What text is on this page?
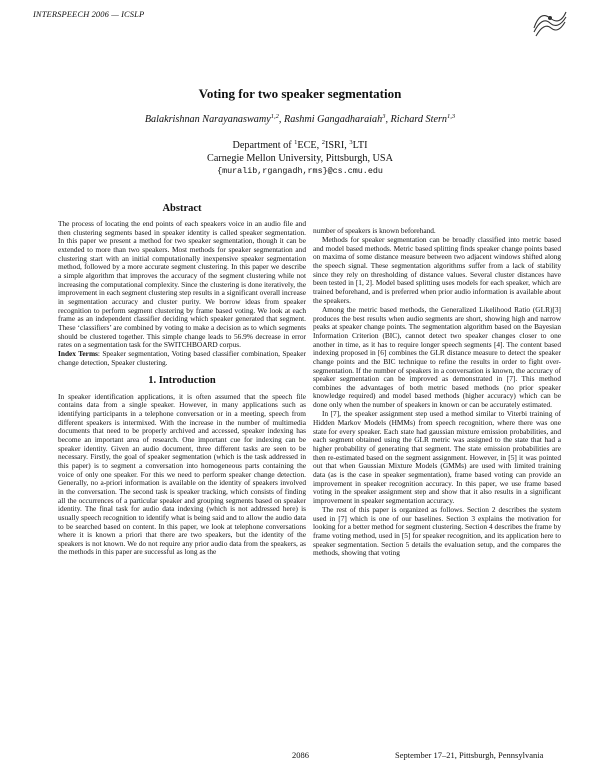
INTERSPEECH 2006 — ICSLP
Voting for two speaker segmentation
Balakrishnan Narayanaswamy$^{1,2}$, Rashmi Gangadharaiah$^3$, Richard Stern$^{1,3}$
Department of $^1$ECE, $^2$ISRI, $^3$LTI
Carnegie Mellon University, Pittsburgh, USA
{muralib,rgangadh,rms}@cs.cmu.edu
Abstract

The process of locating the end points of each speakers voice in an audio file and then clustering segments based in speaker identity is called speaker segmentation. In this paper we present a method for two speaker segmentation, though it can be extended to more than two speakers. Most methods for speaker segmentation and clustering start with an initial computationally inexpensive speaker segmentation method, followed by a more accurate segment clustering. In this paper we describe a simple algorithm that improves the accuracy of the segment clustering while not increasing the computational complexity. Since the clustering is done iteratively, the improvement in each segment clustering step results in a significant overall increase in segmentation accuracy and cluster purity. We borrow ideas from speaker recognition to perform segment clustering by frame based voting. We look at each frame as an independent classifier deciding which speaker generated that segment. These ‘classifiers’ are combined by voting to make a decision as to which segments should be clustered together. This simple change leads to 56.9% decrease in error rates on a segmentation task for the SWITCHBOARD corpus.

Index Terms: Speaker segmentation, Voting based classifier combination, Speaker change detection, Speaker clustering.

1. Introduction

In speaker identification applications, it is often assumed that the speech file contains data from a single speaker. However, in many applications such as identifying participants in a telephone conversation or in a meeting, speech from different speakers is intermixed. With the increase in the number of multimedia documents that need to be properly archived and accessed, speaker indexing has become an important area of research. One important cue for indexing can be speaker identity. Given an audio document, three different tasks are seen to be necessary. Firstly, the goal of speaker segmentation (which is the task addressed in this paper) is to segment a conversation into homogeneous parts containing the voice of only one speaker. For this we need to perform speaker change detection. Generally, no a-priori information is available on the identity of speakers involved in the conversation. The second task is speaker tracking, which consists of finding all the occurrences of a particular speaker and grouping segments based on speaker identity. The final task for audio data indexing (which is not addressed here) is usually speech recognition to identify what is being said and to allow the audio data to be searched based on content. In this paper, we look at telephone conversations where it is known a priori that there are two speakers, but the identity of the speakers is not known. We do not require any prior audio data from the speakers, as the methods in this paper are successful as long as the

number of speakers is known beforehand.

Methods for speaker segmentation can be broadly classified into metric based and model based methods. Metric based splitting finds speaker change points based on maxima of some distance measure between two adjacent windows shifted along the speech signal. These segmentation algorithms suffer from a lack of stability since they rely on thresholding of distance values. Several cluster distances have been tested in [1, 2]. Model based splitting uses models for each speaker, which are trained beforehand, and is preferred when prior audio information is available about the speakers.

Among the metric based methods, the Generalized Likelihood Ratio (GLR)[3] produces the best results when audio segments are short, showing high and narrow peaks at speaker change points. The segmentation algorithm based on the Bayesian Information Criterion (BIC), cannot detect two speaker changes closer to one another in time, as it has to require longer speech segments [4]. The content based indexing proposed in [6] combines the GLR distance measure to detect the speaker change points and the BIC technique to refine the results in order to fight over-segmentation. If the number of speakers in a conversation is known, the accuracy of speaker segmentation can be improved as demonstrated in [7]. This method combines the advantages of both metric based methods (no prior speaker knowledge required) and model based methods (higher accuracy) which can be done only when the number of speakers in known or can be accurately estimated.

In [7], the speaker assignment step used a method similar to Viterbi training of Hidden Markov Models (HMMs) from speech recognition, where there was one state for every speaker. Each state had gaussian mixture emission probabilities, and each segment obtained using the GLR metric was assigned to the state that had a higher probability of generating that segment. The state emission probabilities are then re-estimated based on the segment assignment. However, in [5] it was pointed out that when Gaussian Mixture Models (GMMs) are used with limited training data (as is the case in speaker segmentation), frame based voting can provide an improvement in speaker recognition accuracy. In this paper, we use frame based voting in the speaker assignment step and show that it also results in a significant improvement in speaker segmentation accuracy.

The rest of this paper is organized as follows. Section 2 describes the system used in [7] which is one of our baselines. Section 3 explains the motivation for looking for a better method for segment clustering. Section 4 describes the frame by frame voting method, used in [5] for speaker recognition, and its application here to speaker segmentation. Section 5 details the evaluation setup, and the compares the methods, showing that voting

2086	September 17–21, Pittsburgh, Pennsylvania
